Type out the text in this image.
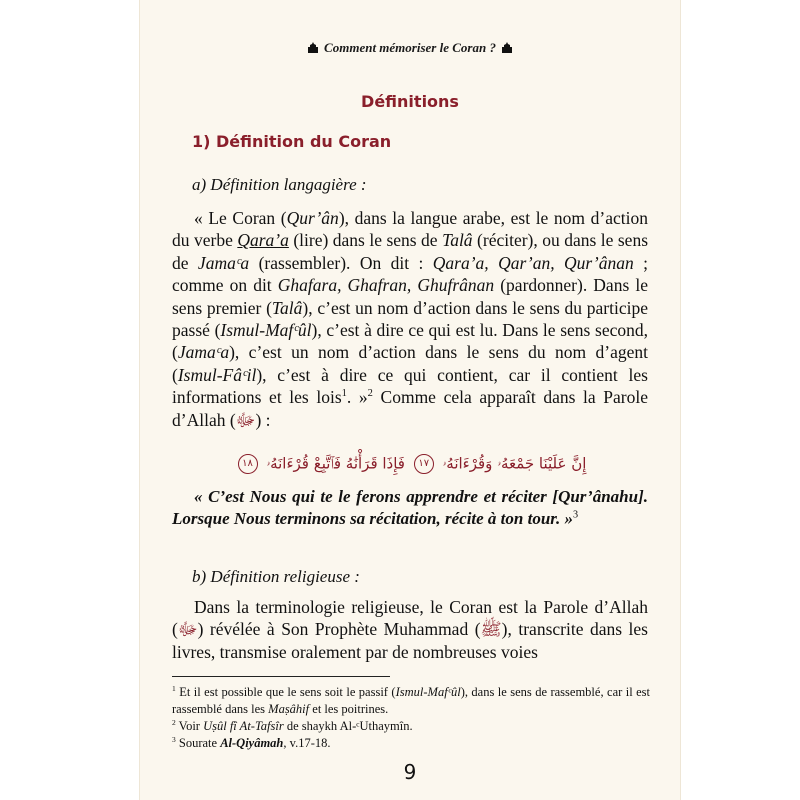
Comment mémoriser le Coran ?
Définitions
1) Définition du Coran
a) Définition langagière :
« Le Coran (Qur’ân), dans la langue arabe, est le nom d’action du verbe Qara’a (lire) dans le sens de Talâ (réciter), ou dans le sens de Jamaᶜa (rassembler). On dit : Qara’a, Qar’an, Qur’ânan ; comme on dit Ghafara, Ghafran, Ghufrânan (pardonner). Dans le sens premier (Talâ), c’est un nom d’action dans le sens du participe passé (Ismul-Mafᶜûl), c’est à dire ce qui est lu. Dans le sens second, (Jamaᶜa), c’est un nom d’action dans le sens du nom d’agent (Ismul-Fâᶜil), c’est à dire ce qui contient, car il contient les informations et les lois$^1$. »$^2$ Comme cela apparaît dans la Parole d’Allah (ﷻ) :
إِنَّ عَلَيْنَا جَمْعَهُۥ وَقُرْءَانَهُۥ ١٧ فَإِذَا قَرَأْنَٰهُ فَٱتَّبِعْ قُرْءَانَهُۥ ١٨
« C’est Nous qui te le ferons apprendre et réciter [Qur’ânahu]. Lorsque Nous terminons sa récitation, récite à ton tour. »$^3$
b) Définition religieuse :
Dans la terminologie religieuse, le Coran est la Parole d’Allah (ﷻ) révélée à Son Prophète Muhammad (ﷺ), transcrite dans les livres, transmise oralement par de nombreuses voies

$^1$ Et il est possible que le sens soit le passif (Ismul-Mafᶜûl), dans le sens de rassemblé, car il est rassemblé dans les Maṣâhif et les poitrines.

$^2$ Voir Uṣûl fî At-Tafsîr de shaykh Al-ᶜUthaymîn.

$^3$ Sourate Al-Qiyâmah, v.17-18.

9
